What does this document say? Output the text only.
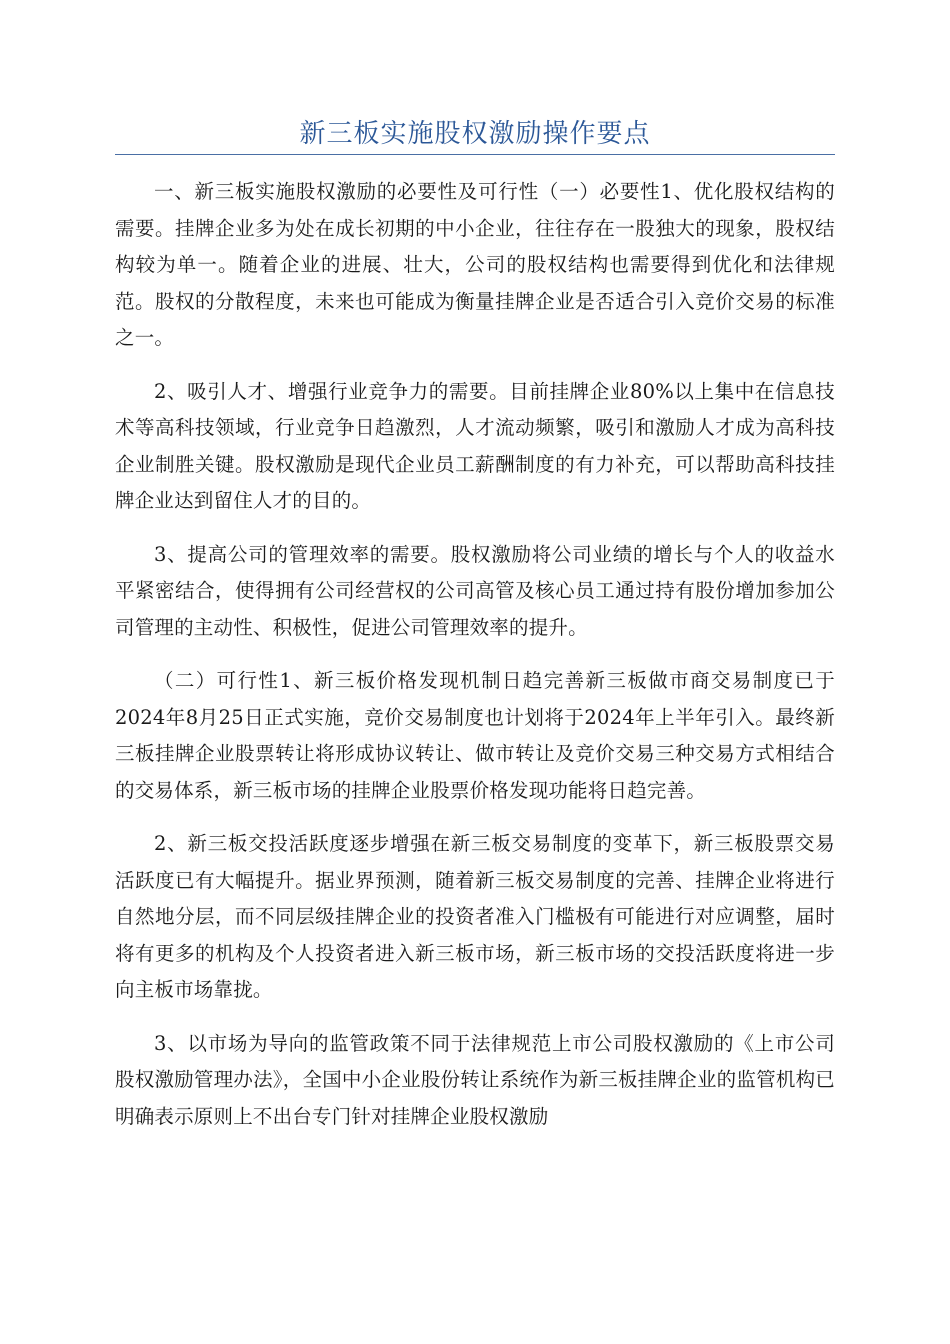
新三板实施股权激励操作要点

一、新三板实施股权激励的必要性及可行性（一）必要性1、优化股权结构的需要。挂牌企业多为处在成长初期的中小企业，往往存在一股独大的现象，股权结构较为单一。随着企业的进展、壮大，公司的股权结构也需要得到优化和法律规范。股权的分散程度，未来也可能成为衡量挂牌企业是否适合引入竞价交易的标准之一。

2、吸引人才、增强行业竞争力的需要。目前挂牌企业80%以上集中在信息技术等高科技领域，行业竞争日趋激烈，人才流动频繁，吸引和激励人才成为高科技企业制胜关键。股权激励是现代企业员工薪酬制度的有力补充，可以帮助高科技挂牌企业达到留住人才的目的。

3、提高公司的管理效率的需要。股权激励将公司业绩的增长与个人的收益水平紧密结合，使得拥有公司经营权的公司高管及核心员工通过持有股份增加参加公司管理的主动性、积极性，促进公司管理效率的提升。

（二）可行性1、新三板价格发现机制日趋完善新三板做市商交易制度已于2024年8月25日正式实施，竞价交易制度也计划将于2024年上半年引入。最终新三板挂牌企业股票转让将形成协议转让、做市转让及竞价交易三种交易方式相结合的交易体系，新三板市场的挂牌企业股票价格发现功能将日趋完善。

2、新三板交投活跃度逐步增强在新三板交易制度的变革下，新三板股票交易活跃度已有大幅提升。据业界预测，随着新三板交易制度的完善、挂牌企业将进行自然地分层，而不同层级挂牌企业的投资者准入门槛极有可能进行对应调整，届时将有更多的机构及个人投资者进入新三板市场，新三板市场的交投活跃度将进一步向主板市场靠拢。

3、以市场为导向的监管政策不同于法律规范上市公司股权激励的《上市公司股权激励管理办法》，全国中小企业股份转让系统作为新三板挂牌企业的监管机构已明确表示原则上不出台专门针对挂牌企业股权激励
